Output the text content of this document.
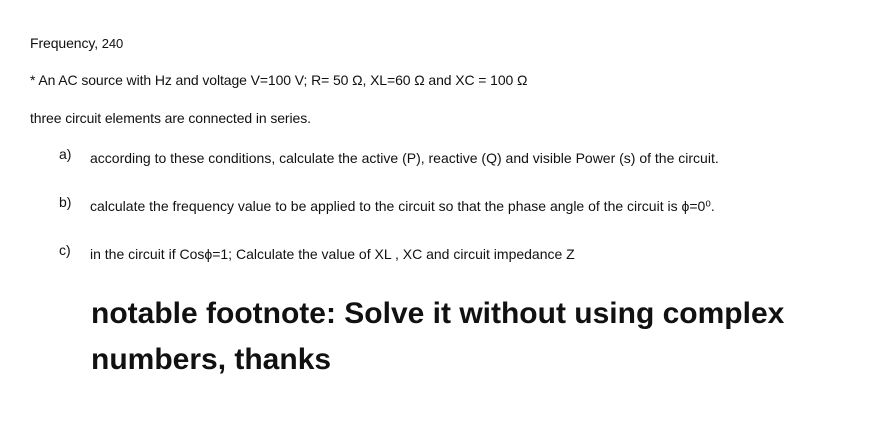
Frequency, 240
* An AC source with Hz and voltage V=100 V; R= 50 Ω, XL=60 Ω and XC = 100 Ω
three circuit elements are connected in series.
a)	according to these conditions, calculate the active (P), reactive (Q) and visible Power (s) of the circuit.
b)	calculate the frequency value to be applied to the circuit so that the phase angle of the circuit is ϕ=0⁰.
c)	in the circuit if Cosϕ=1; Calculate the value of XL , XC and circuit impedance Z
notable footnote: Solve it without using complex numbers, thanks
